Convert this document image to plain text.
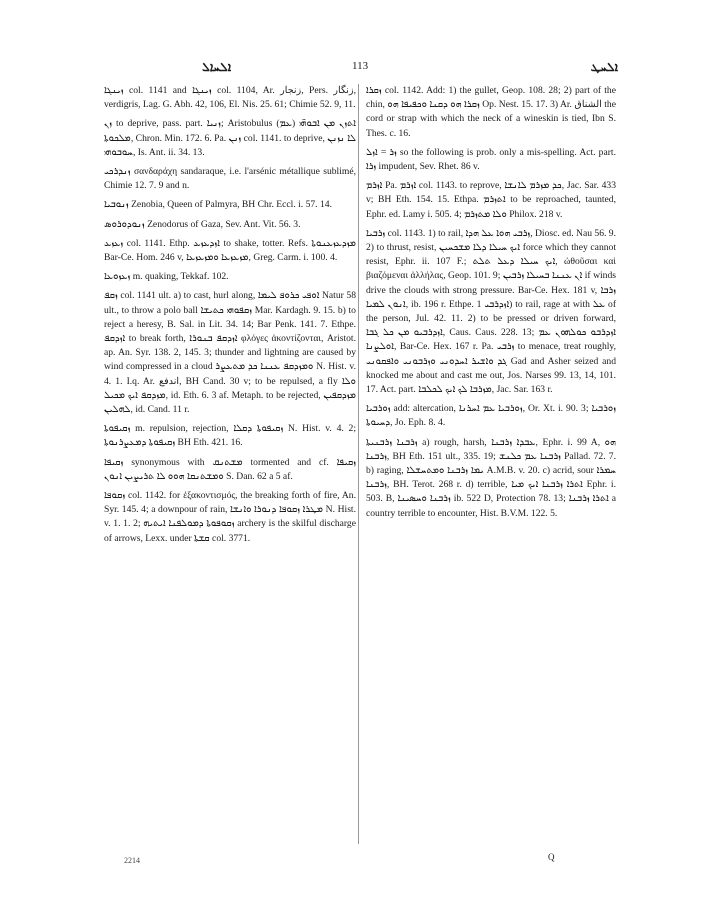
ܐܠܚܐܠ	113	ܐܠܚܛ

ܙܝܢܓܐ col. 1141 and ܙܝܢܓܐ col. 1104, Ar. زنجار, Pers. زنگار, verdigris, Lag. G. Abh. 42, 106, El. Nis. 25. 61; Chimie 52. 9, 11.

ܙܢ to deprive, pass. part. ܙܢܝܐ; Aristobulus ܐܬܙܢ ܡܢ ܐܒܘܗ̈ܝ (ܥܡ) ܡܠܟܘܬܐ, Chron. Min. 172. 6. Pa. ܙܢܢ col. 1141. to deprive, ܠܐ ܢܙܢܢ ܚܘܒܘܗܝ, Is. Ant. ii. 34. 13.

ܙܢܕܪܟܝ σανδαράχη sandaraque, i.e. l'arsénic métallique sublimé, Chimie 12. 7. 9 and n.

ܙܢܘܒܝܐ Zenobia, Queen of Palmyra, BH Chr. Eccl. i. 57. 14.

ܙܢܘܕܘܪܘܣ Zenodorus of Gaza, Sev. Ant. Vit. 56. 3.

ܙܥܙܥ col. 1141. Ethp. ܐܙܕܥܙܥ to shake, totter. Refs. ܡܙܕܥܙܥܢܘܬܐ Bar-Ce. Hom. 246 v, ܡܙܥܙܥܐ ܘܡܙܥܙܥܐ, Greg. Carm. i. 100. 4.

ܙܥܙܘܥܐ m. quaking, Tekkaf. 102.

ܙܩܦ col. 1141 ult. a) to cast, hurl along, ܐܘܦܝ ܟܪܘܦ ܠܝܡܐ Natur 58 ult., to throw a polo ball ܙܩܦܘܗܝ ܟܬܝܫܐ Mar. Kardagh. 9. 15. b) to reject a heresy, B. Sal. in Lit. 34. 14; Bar Penk. 141. 7. Ethpe. ܐܙܕܩܦ to break forth, ܐܙܕܩܦ ܒܢܘܪܐ φλόγες ἀκοντίζονται, Aristot. ap. An. Syr. 138. 2, 145. 3; thunder and lightning are caused by wind compressed in a cloud ܘܡܙܕܩܦ ܥܢܢܐ ܟܕ ܡܬܥܨܪ N. Hist. v. 4. 1. I.q. Ar. اندفع, BH Cand. 30 v; to be repulsed, a fly ܘܠܐ ܡܙܕܩܦ ܐܝܟ ܡܟܝܠ, id. Eth. 6. 3 af. Metaph. to be rejected, ܡܙܕܩܦܝܢ ܠܗܠܝܢ, id. Cand. 11 r.

ܙܩܝܦܘܬܐ m. repulsion, rejection, ܙܩܝܦܘܬܐ ܕܩܠܐ N. Hist. v. 4. 2; ܙܩܝܦܘܬܐ ܕܡܥܨܪܢܘܬܐ BH Eth. 421. 16.

ܙܩܝܦܐ synonymous with ܡܫܬܢܩ tormented and cf. ܙܩܝܦܐ ܘܡܫܬܢܩܐ ܗܘܘ ܠܐ ܬܪܝܨܝܢ ܐܢܘܢ S. Dan. 62 a 5 af.

ܙܩܘܦܐ col. 1142. for ἐξακοντισμός, the breaking forth of fire, An. Syr. 145. 4; a downpour of rain, ܡܛܪܐ ܙܩܘܦܐ ܕܢܘܪܐ ܘܐܢܫܐ N. Hist. v. 1. 1. 2; ܙܩܘܦܘܬܐ ܕܡܘܠܦܢܐ ܐܝܬܝܗ archery is the skilful discharge of arrows, Lexx. under ܩܫܬܐ col. 3771.

ܙܩܪܐ col. 1142. Add: 1) the gullet, Geop. 108. 28; 2) part of the chin, ܙܩܪܐ ܗܘ ܕܩܢܐ ܘܟܦܝܦܐ ܗܘ Op. Nest. 15. 17. 3) Ar. الشناق the cord or strap with which the neck of a wineskin is tied, Ibn S. Thes. c. 16.

ܙܪ = ܐܙܠ so the following is prob. only a mis-spelling. Act. part. ܙܪܐ impudent, Sev. Rhet. 86 v.

ܐܙܪܡ Pa. ܐܙܪܡ col. 1143. to reprove, ܟܕ ܡܙܪܡ ܠܐܢܫܐ, Jac. Sar. 433 v; BH Eth. 154. 15. Ethpa. ܐܬܙܪܡ to be reproached, taunted, Ephr. ed. Lamy i. 505. 4; ܘܠܐ ܡܬܙܪܡ Philox. 218 v.

ܙܪܒܝܐ col. 1143. 1) to rail, ܙܪܒܝ ܗܘܐ ܥܠ ܗܕܐ, Diosc. ed. Nau 56. 9. 2) to thrust, resist, ܐܝܟ ܚܝܠܐ ܕܠܐ ܡܫܟܚܝܢ force which they cannot resist, Ephr. ii. 107 F.; ܐܝܟ ܚܝܠܐ ܕܥܠ ܬܠܬ, ὠθοῦσαι καὶ βιαζόμεναι ἀλλήλας, Geop. 101. 9; ܐܢ ܥܢܢܐ ܒܚܝܠܐ ܙܪܒܝܢ if winds drive the clouds with strong pressure. Bar-Ce. Hex. 181 v, ܙܪܒܐ ܐܢܘܢ ܠܡܝܐ, ib. 196 r. Ethpe. ܐܙܕܪܒܝ 1) to rail, rage at with ܥܠ of the person, Jul. 42. 11. 2) to be pressed or driven forward, ܐܙܕܪܒܝܘ ܡܢ ܟܠ ܓܒܐ, Caus. Caus. 228. 13; ܐܙܕܪܒܘ ܟܘܠܗܘܢ ܥܡ ܐܘܠܨܢܐ, Bar-Ce. Hex. 167 r. Pa. ܙܪܒܝ to menace, treat roughly, ܓܕ ܘܐܫܝܪ ܐܚܕܘܢܝ ܘܙܪܒܘܢܝ ܘܐܦܩܘܢܝ Gad and Asher seized and knocked me about and cast me out, Jos. Narses 99. 13, 14, 101. 17. Act. part. ܡܙܪܒܐ ܠܟ ܐܝܟ ܠܟܠܒܐ, Jac. Sar. 163 r.

ܙܘܪܒܝܐ add: altercation, ܙܘܪܒܝܐ ܥܡ ܐܚܪܢܐ, Or. Xt. i. 90. 3; ܙܘܪܒܝܐ ܕܚܝܘܬܐ, Jo. Eph. 8. 4.

ܙܪܒܢܐ ܙܪܒܢܝܬܐ a) rough, harsh, ܥܒܕܐ ܙܪܒܢܐ, Ephr. i. 99 A, ܗܘ ܙܪܒܢܐ, BH Eth. 151 ult., 335. 19; ܙܪܒܢܐ ܥܡ ܟܠܢܫ Pallad. 72. 7. b) raging, ܝܡܐ ܙܪܒܢܐ ܘܡܬܚܫܠܐ A.M.B. v. 20. c) acrid, sour ܚܡܪܐ ܙܪܒܢܐ, BH. Terot. 268 r. d) terrible, ܐܬܪܐ ܙܪܒܢܐ ܐܝܟ ܡܝܐ Ephr. i. 503. B, ܙܪܒܢܐ ܘܚܣܝܢܐ ib. 522 D, Protection 78. 13; ܐܬܪܐ ܙܪܒܢܐ a country terrible to encounter, Hist. B.V.M. 122. 5.

2214	Q
